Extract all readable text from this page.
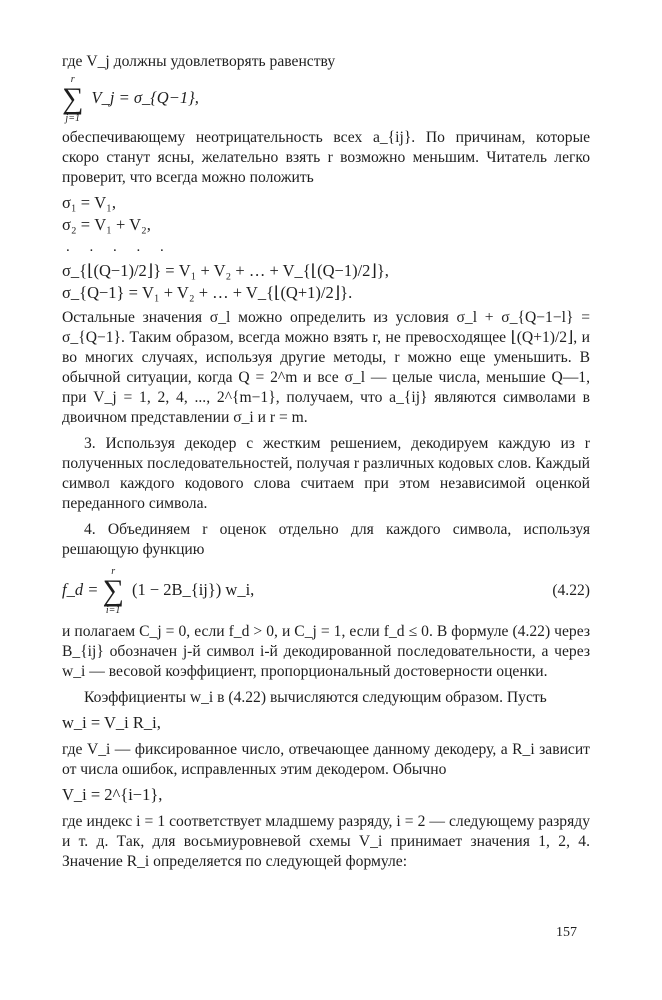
где V_j должны удовлетворять равенству

r
∑
j=1
V_j = σ_{Q−1},

обеспечивающему неотрицательность всех a_{ij}. По причинам, которые скоро станут ясны, желательно взять r возможно меньшим. Читатель легко проверит, что всегда можно положить

σ₁ = V₁,

σ₂ = V₁ + V₂,

. . . . .

σ_{⌊(Q−1)/2⌋} = V₁ + V₂ + … + V_{⌊(Q−1)/2⌋},

σ_{Q−1} = V₁ + V₂ + … + V_{⌊(Q+1)/2⌋}.

Остальные значения σ_l можно определить из условия σ_l + σ_{Q−1−l} = σ_{Q−1}. Таким образом, всегда можно взять r, не превосходящее ⌊(Q+1)/2⌋, и во многих случаях, используя другие методы, r можно еще уменьшить. В обычной ситуации, когда Q = 2^m и все σ_l — целые числа, меньшие Q—1, при V_j = 1, 2, 4, ..., 2^{m−1}, получаем, что a_{ij} являются символами в двоичном представлении σ_i и r = m.

3. Используя декодер с жестким решением, декодируем каждую из r полученных последовательностей, получая r различных кодовых слов. Каждый символ каждого кодового слова считаем при этом независимой оценкой переданного символа.

4. Объединяем r оценок отдельно для каждого символа, используя решающую функцию

f_d =
r
∑
i=1
(1 − 2B_{ij}) w_i,	(4.22)

и полагаем C_j = 0, если f_d > 0, и C_j = 1, если f_d ≤ 0. В формуле (4.22) через B_{ij} обозначен j-й символ i-й декодированной последовательности, а через w_i — весовой коэффициент, пропорциональный достоверности оценки.

Коэффициенты w_i в (4.22) вычисляются следующим образом. Пусть

w_i = V_i R_i,

где V_i — фиксированное число, отвечающее данному декодеру, а R_i зависит от числа ошибок, исправленных этим декодером. Обычно

V_i = 2^{i−1},

где индекс i = 1 соответствует младшему разряду, i = 2 — следующему разряду и т. д. Так, для восьмиуровневой схемы V_i принимает значения 1, 2, 4. Значение R_i определяется по следующей формуле:

157
